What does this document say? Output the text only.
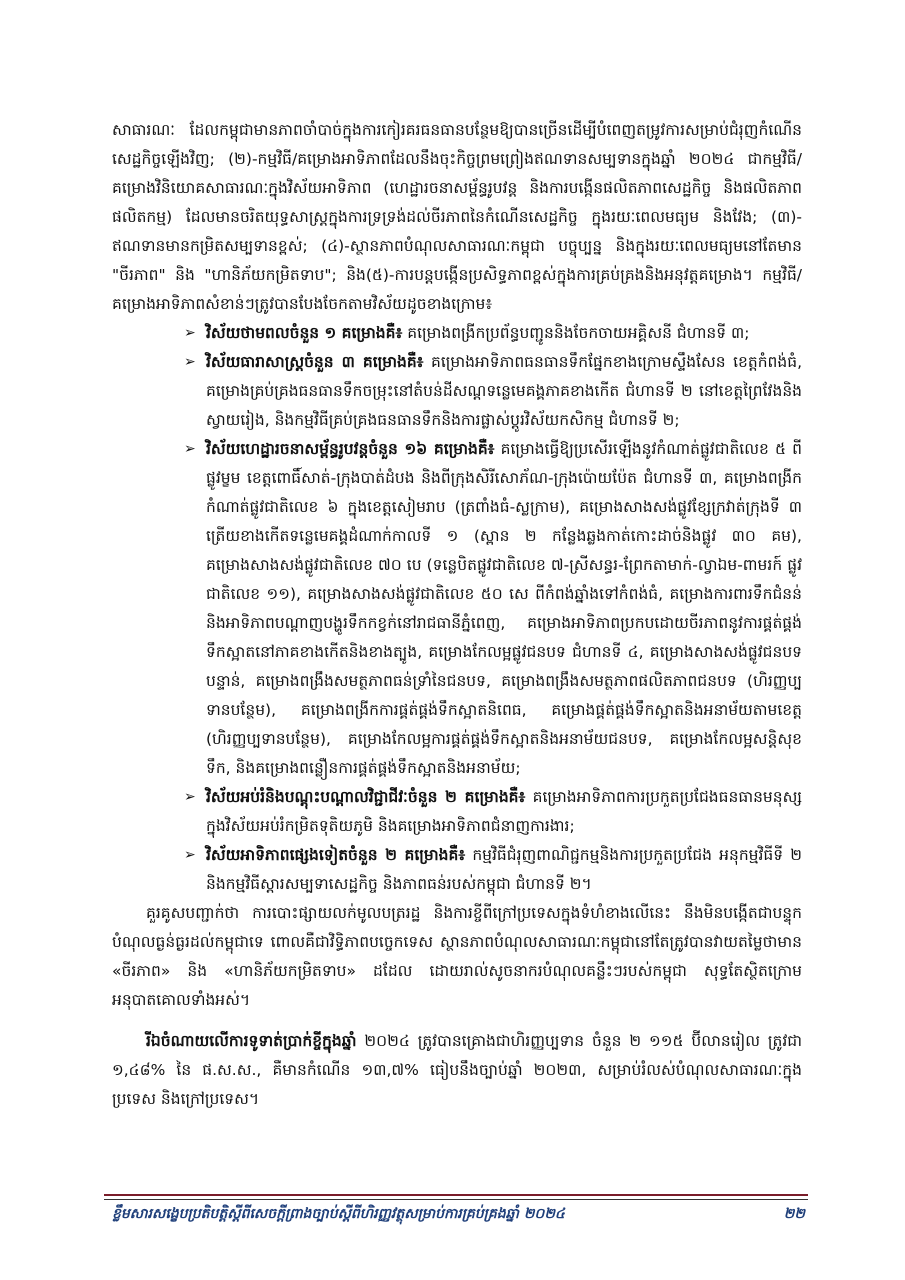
សាធារណៈ ដែលកម្ពុជាមានភាពចាំបាច់ក្នុងការកៀរគរធនធានបន្ថែមឱ្យបានច្រើនដើម្បីបំពេញតម្រូវការសម្រាប់ជំរុញកំណើនសេដ្ឋកិច្ចឡើងវិញ; (២)-កម្មវិធី/គម្រោងអាទិភាពដែលនឹងចុះកិច្ចព្រមព្រៀងឥណទានសម្បទានក្នុងឆ្នាំ ២០២៤ ជាកម្មវិធី/គម្រោងវិនិយោគសាធារណៈក្នុងវិស័យអាទិភាព (ហេដ្ឋារចនាសម្ព័ន្ធរូបវន្ត និងការបង្កើនផលិតភាពសេដ្ឋកិច្ច និងផលិតភាពផលិតកម្ម) ដែលមានចរិតយុទ្ធសាស្ត្រក្នុងការទ្រទ្រង់ដល់ចីរភាពនៃកំណើនសេដ្ឋកិច្ច ក្នុងរយៈពេលមធ្យម និងវែង; (៣)-ឥណទានមានកម្រិតសម្បទានខ្ពស់; (៤)-ស្ថានភាពបំណុលសាធារណៈកម្ពុជា បច្ចុប្បន្ន និងក្នុងរយៈពេលមធ្យមនៅតែមាន "ចីរភាព" និង "ហានិភ័យកម្រិតទាប"; និង(៥)-ការបន្តបង្កើនប្រសិទ្ធភាពខ្ពស់ក្នុងការគ្រប់គ្រងនិងអនុវត្តគម្រោង។ កម្មវិធី/គម្រោងអាទិភាពសំខាន់ៗត្រូវបានបែងចែកតាមវិស័យដូចខាងក្រោម៖

➢ វិស័យថាមពលចំនួន ១ គម្រោងគឺ៖ គម្រោងពង្រីកប្រព័ន្ធបញ្ជូននិងចែកចាយអគ្គិសនី ជំហានទី ៣;
➢ វិស័យធារាសាស្ត្រចំនួន ៣ គម្រោងគឺ៖ គម្រោងអាទិភាពធនធានទឹកផ្នែកខាងក្រោមស្ទឹងសែន ខេត្តកំពង់ធំ, គម្រោងគ្រប់គ្រងធនធានទឹកចម្រុះនៅតំបន់ដីសណ្តទន្លេមេគង្គភាគខាងកើត ជំហានទី ២ នៅខេត្តព្រៃវែងនិងស្វាយរៀង, និងកម្មវិធីគ្រប់គ្រងធនធានទឹកនិងការផ្លាស់ប្តូរវិស័យកសិកម្ម ជំហានទី ២;
➢ វិស័យហេដ្ឋារចនាសម្ព័ន្ធរូបវន្តចំនួន ១៦ គម្រោងគឺ៖ គម្រោងធ្វើឱ្យប្រសើរឡើងនូវកំណាត់ផ្លូវជាតិលេខ ៥ ពីផ្លូវម្ខម ខេត្តពោធិ៍សាត់-ក្រុងបាត់ដំបង និងពីក្រុងសិរីសោភ័ណ-ក្រុងប៉ោយប៉ែត ជំហានទី ៣, គម្រោងពង្រីកកំណាត់ផ្លូវជាតិលេខ ៦ ក្នុងខេត្តសៀមរាប (ត្រពាំងធំ-ស្លក្រាម), គម្រោងសាងសង់ផ្លូវខ្សែក្រវាត់ក្រុងទី ៣ ត្រើយខាងកើតទន្លេមេគង្គដំណាក់កាលទី ១ (ស្ពាន ២ កន្លែងឆ្លងកាត់កោះដាច់និងផ្លូវ ៣០ គម), គម្រោងសាងសង់ផ្លូវជាតិលេខ ៧០ បេ (ទន្លេបិតផ្លូវជាតិលេខ ៧-ស្រីសន្ធរ-ព្រែកតាមាក់-ល្វាឯម-ពាមរក៍ ផ្លូវជាតិលេខ ១១), គម្រោងសាងសង់ផ្លូវជាតិលេខ ៥០ សេ ពីកំពង់ឆ្នាំងទៅកំពង់ធំ, គម្រោងការពារទឹកជំនន់និងអាទិភាពបណ្តាញបង្ហូរទឹកកខ្វក់នៅរាជធានីភ្នំពេញ, គម្រោងអាទិភាពប្រកបដោយចីរភាពនូវការផ្គត់ផ្គង់ទឹកស្អាតនៅភាគខាងកើតនិងខាងត្បូង, គម្រោងកែលម្អផ្លូវជនបទ ជំហានទី ៤, គម្រោងសាងសង់ផ្លូវជនបទបន្ទាន់, គម្រោងពង្រឹងសមត្ថភាពធន់ទ្រាំនៃជនបទ, គម្រោងពង្រឹងសមត្ថភាពផលិតភាពជនបទ (ហិរញ្ញប្បទានបន្ថែម), គម្រោងពង្រីកការផ្គត់ផ្គង់ទឹកស្អាតនិពេធ, គម្រោងផ្គត់ផ្គង់ទឹកស្អាតនិងអនាម័យតាមខេត្ត (ហិរញ្ញប្បទានបន្ថែម), គម្រោងកែលម្អការផ្គត់ផ្គង់ទឹកស្អាតនិងអនាម័យជនបទ, គម្រោងកែលម្អសន្តិសុខទឹក, និងគម្រោងពន្លឿនការផ្គត់ផ្គង់ទឹកស្អាតនិងអនាម័យ;
➢ វិស័យអប់រំនិងបណ្តុះបណ្តាលវិជ្ជាជីវៈចំនួន ២ គម្រោងគឺ៖ គម្រោងអាទិភាពការប្រកួតប្រជែងធនធានមនុស្សក្នុងវិស័យអប់រំកម្រិតទុតិយភូមិ និងគម្រោងអាទិភាពជំនាញការងារ;
➢ វិស័យអាទិភាពផ្សេងទៀតចំនួន ២ គម្រោងគឺ៖ កម្មវិធីជំរុញពាណិជ្ជកម្មនិងការប្រកួតប្រជែង អនុកម្មវិធីទី ២ និងកម្មវិធីស្តារសម្បទាសេដ្ឋកិច្ច និងភាពធន់របស់កម្ពុជា ជំហានទី ២។

គួរគូសបញ្ជាក់ថា ការបោះផ្សាយលក់មូលបត្ររដ្ឋ និងការខ្ចីពីក្រៅប្រទេសក្នុងទំហំខាងលើនេះ នឹងមិនបង្កើតជាបន្ទុកបំណុលធ្ងន់ធ្ងរដល់កម្ពុជាទេ ពោលគឺជាវិទ្ធិភាពបច្ចេកទេស ស្ថានភាពបំណុលសាធារណៈកម្ពុជានៅតែត្រូវបានវាយតម្លៃថាមាន «ចីរភាព» និង «ហានិភ័យកម្រិតទាប» ដដែល ដោយរាល់សូចនាករបំណុលគន្លឹះៗរបស់កម្ពុជា សុទ្ធតែស្ថិតក្រោមអនុបាតគោលទាំងអស់។

រីឯចំណាយលើការទូទាត់ប្រាក់ខ្ចីក្នុងឆ្នាំ ២០២៤ ត្រូវបានគ្រោងជាហិរញ្ញប្បទាន ចំនួន ២ ១១៥ ប៊ីលានរៀល ត្រូវជា ១,៤៨% នៃ ផ.ស.ស., គឺមានកំណើន ១៣,៧% ធៀបនឹងច្បាប់ឆ្នាំ ២០២៣, សម្រាប់រំលស់បំណុលសាធារណៈក្នុងប្រទេស និងក្រៅប្រទេស។

ខ្លឹមសារសង្ខេបប្រតិបត្តិស្តីពីសេចក្តីព្រាងច្បាប់ស្តីពីហិរញ្ញវត្ថុសម្រាប់ការគ្រប់គ្រងឆ្នាំ ២០២៤	២២
